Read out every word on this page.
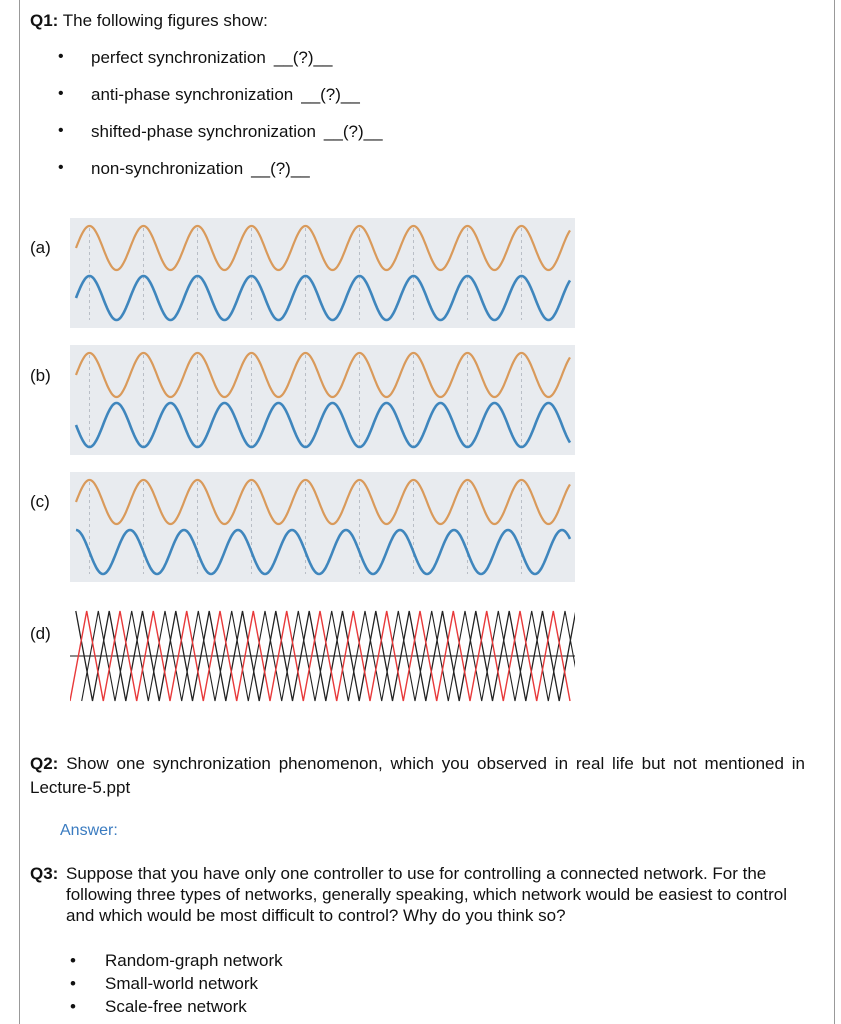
Q1: The following figures show:
•	perfect synchronization __(?)__
•	anti-phase synchronization __(?)__
•	shifted-phase synchronization __(?)__
•	non-synchronization __(?)__
(a)
(b)
(c)
(d)
Q2: Show one synchronization phenomenon, which you observed in real life but not mentioned in Lecture-5.ppt
Answer:
Q3: Suppose that you have only one controller to use for controlling a connected network. For the following three types of networks, generally speaking, which network would be easiest to control and which would be most difficult to control? Why do you think so?
•	Random-graph network
•	Small-world network
•	Scale-free network
